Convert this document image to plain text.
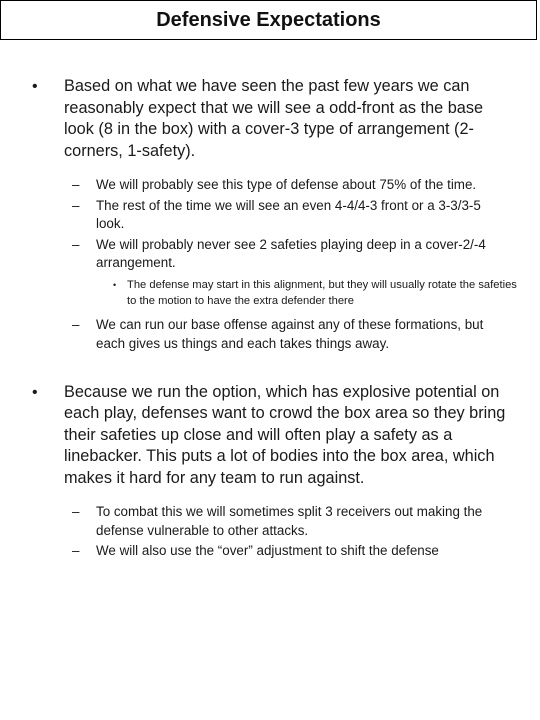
Defensive Expectations
• Based on what we have seen the past few years we can reasonably expect that we will see a odd-front as the base look (8 in the box) with a cover-3 type of arrangement (2-corners, 1-safety).
– We will probably see this type of defense about 75% of the time.
– The rest of the time we will see an even 4-4/4-3 front or a 3-3/3-5 look.
– We will probably never see 2 safeties playing deep in a cover-2/-4 arrangement.
• The defense may start in this alignment, but they will usually rotate the safeties to the motion to have the extra defender there
– We can run our base offense against any of these formations, but each gives us things and each takes things away.
• Because we run the option, which has explosive potential on each play, defenses want to crowd the box area so they bring their safeties up close and will often play a safety as a linebacker. This puts a lot of bodies into the box area, which makes it hard for any team to run against.
– To combat this we will sometimes split 3 receivers out making the defense vulnerable to other attacks.
– We will also use the “over” adjustment to shift the defense
